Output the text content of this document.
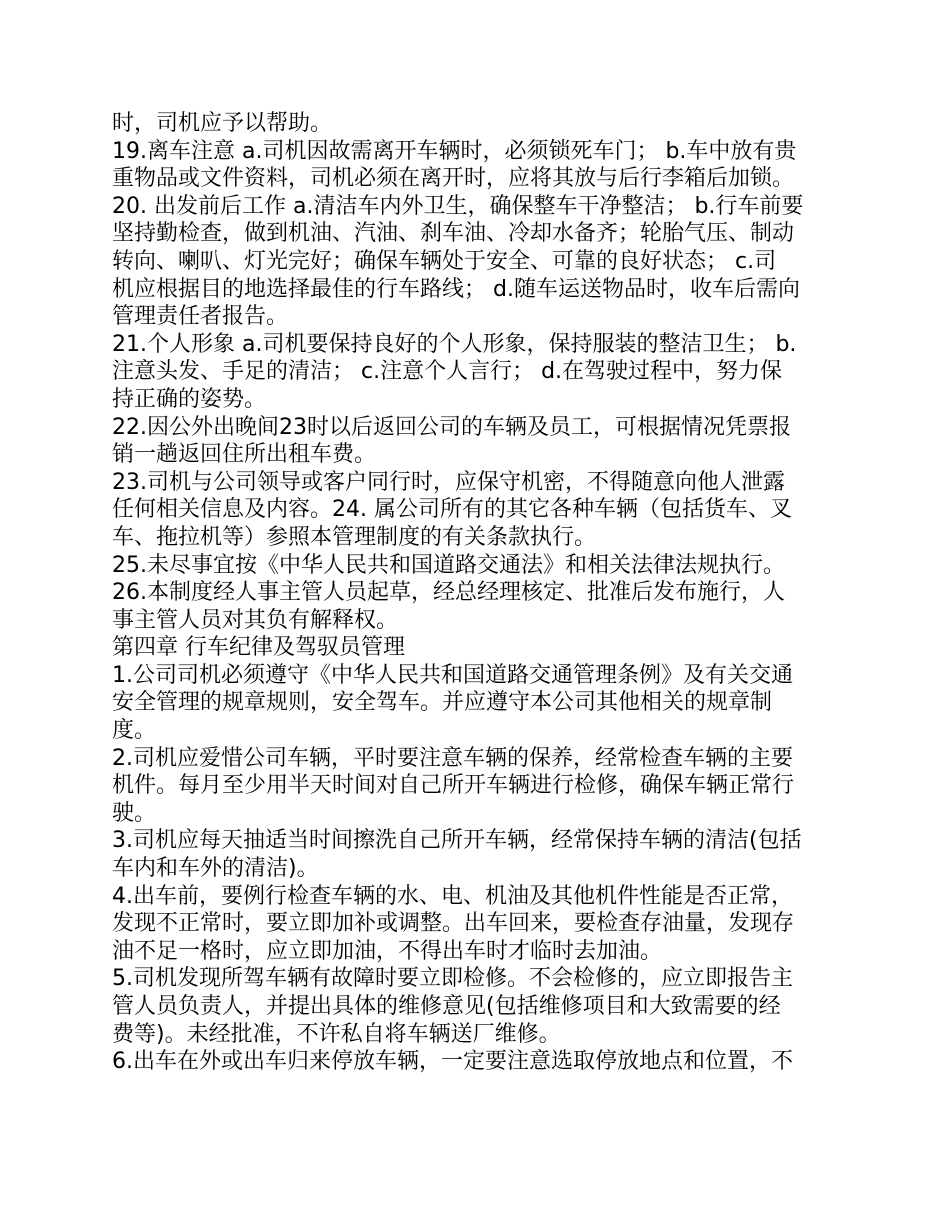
时，司机应予以帮助。
19.离车注意 a.司机因故需离开车辆时，必须锁死车门； b.车中放有贵
重物品或文件资料，司机必须在离开时，应将其放与后行李箱后加锁。
20. 出发前后工作 a.清洁车内外卫生，确保整车干净整洁； b.行车前要
坚持勤检查，做到机油、汽油、刹车油、冷却水备齐；轮胎气压、制动
转向、喇叭、灯光完好；确保车辆处于安全、可靠的良好状态； c.司
机应根据目的地选择最佳的行车路线； d.随车运送物品时，收车后需向
管理责任者报告。
21.个人形象 a.司机要保持良好的个人形象，保持服装的整洁卫生； b.
注意头发、手足的清洁； c.注意个人言行； d.在驾驶过程中，努力保
持正确的姿势。
22.因公外出晚间23时以后返回公司的车辆及员工，可根据情况凭票报
销一趟返回住所出租车费。
23.司机与公司领导或客户同行时，应保守机密，不得随意向他人泄露
任何相关信息及内容。24. 属公司所有的其它各种车辆（包括货车、叉
车、拖拉机等）参照本管理制度的有关条款执行。
25.未尽事宜按《中华人民共和国道路交通法》和相关法律法规执行。
26.本制度经人事主管人员起草，经总经理核定、批准后发布施行，人
事主管人员对其负有解释权。
第四章 行车纪律及驾驭员管理
1.公司司机必须遵守《中华人民共和国道路交通管理条例》及有关交通
安全管理的规章规则，安全驾车。并应遵守本公司其他相关的规章制
度。
2.司机应爱惜公司车辆，平时要注意车辆的保养，经常检查车辆的主要
机件。每月至少用半天时间对自己所开车辆进行检修，确保车辆正常行
驶。
3.司机应每天抽适当时间擦洗自己所开车辆，经常保持车辆的清洁(包括
车内和车外的清洁)。
4.出车前，要例行检查车辆的水、电、机油及其他机件性能是否正常，
发现不正常时，要立即加补或调整。出车回来，要检查存油量，发现存
油不足一格时，应立即加油，不得出车时才临时去加油。
5.司机发现所驾车辆有故障时要立即检修。不会检修的，应立即报告主
管人员负责人，并提出具体的维修意见(包括维修项目和大致需要的经
费等)。未经批准，不许私自将车辆送厂维修。
6.出车在外或出车归来停放车辆，一定要注意选取停放地点和位置，不
